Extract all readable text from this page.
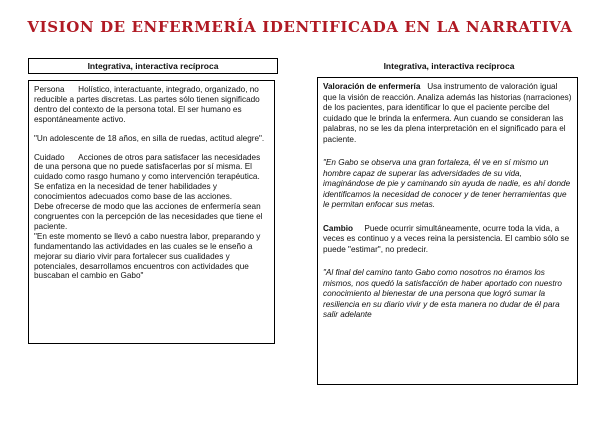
VISION DE ENFERMERÍA IDENTIFICADA EN LA NARRATIVA
Integrativa, interactiva recíproca	Integrativa, interactiva recíproca

Persona Holístico, interactuante, integrado, organizado, no reducible a partes discretas. Las partes sólo tienen significado dentro del contexto de la persona total. El ser humano es espontáneamente activo.

"Un adolescente de 18 años, en silla de ruedas, actitud alegre".

Cuidado Acciones de otros para satisfacer las necesidades de una persona que no puede satisfacerlas por sí misma. El cuidado como rasgo humano y como intervención terapéutica. Se enfatiza en la necesidad de tener habilidades y conocimientos adecuados como base de las acciones.

Debe ofrecerse de modo que las acciones de enfermería sean congruentes con la percepción de las necesidades que tiene el paciente.

"En este momento se llevó a cabo nuestra labor, preparando y fundamentando las actividades en las cuales se le enseño a mejorar su diario vivir para fortalecer sus cualidades y potenciales, desarrollamos encuentros con actividades que buscaban el cambio en Gabo"

Valoración de enfermería Usa instrumento de valoración igual que la visión de reacción. Analiza además las historias (narraciones) de los pacientes, para identificar lo que el paciente percibe del cuidado que le brinda la enfermera. Aun cuando se consideran las palabras, no se les da plena interpretación en el significado para el paciente.

"En Gabo se observa una gran fortaleza, él ve en sí mismo un hombre capaz de superar las adversidades de su vida, imaginándose de pie y caminando sin ayuda de nadie, es ahí donde identificamos la necesidad de conocer y de tener herramientas que le permitan enfocar sus metas.

Cambio Puede ocurrir simultáneamente, ocurre toda la vida, a veces es continuo y a veces reina la persistencia. El cambio sólo se puede "estimar", no predecir.

"Al final del camino tanto Gabo como nosotros no éramos los mismos, nos quedó la satisfacción de haber aportado con nuestro conocimiento al bienestar de una persona que logró sumar la resiliencia en su diario vivir y de esta manera no dudar de él para salir adelante
